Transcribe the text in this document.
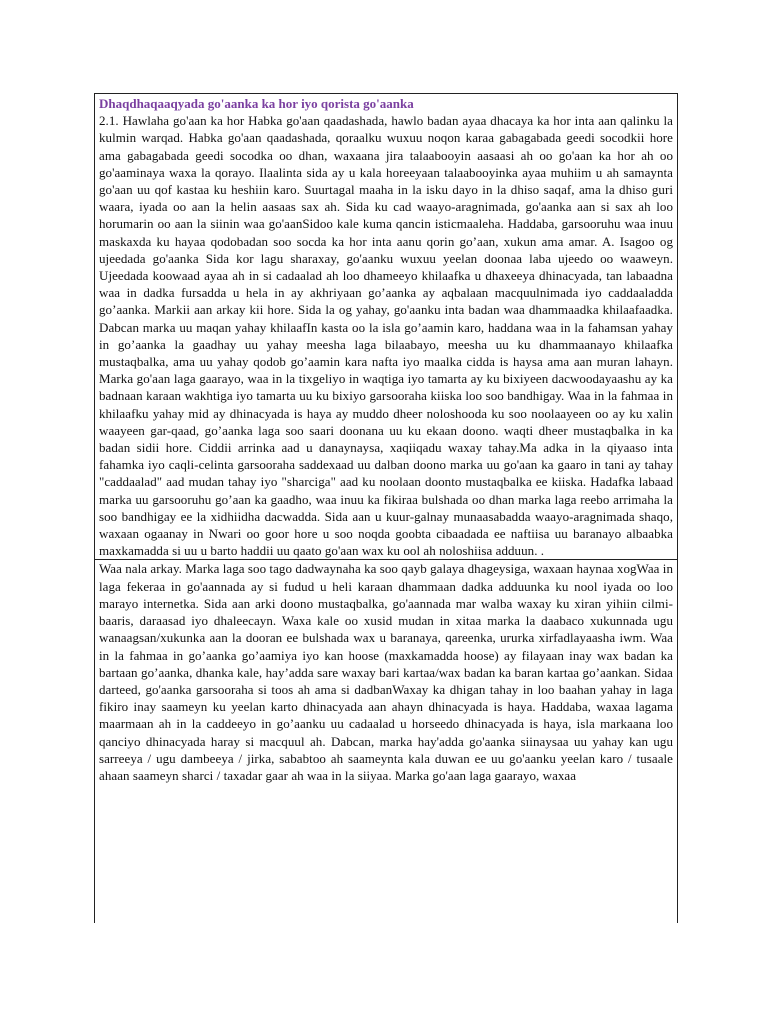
Dhaqdhaqaaqyada go'aanka ka hor iyo qorista go'aanka

2.1. Hawlaha go'aan ka hor Habka go'aan qaadashada, hawlo badan ayaa dhacaya ka hor inta aan qalinku la kulmin warqad. Habka go'aan qaadashada, qoraalku wuxuu noqon karaa gabagabada geedi socodkii hore ama gabagabada geedi socodka oo dhan, waxaana jira talaabooyin aasaasi ah oo go'aan ka hor ah oo go'aaminaya waxa la qorayo. Ilaalinta sida ay u kala horeeyaan talaabooyinka ayaa muhiim u ah samaynta go'aan uu qof kastaa ku heshiin karo. Suurtagal maaha in la isku dayo in la dhiso saqaf, ama la dhiso guri waara, iyada oo aan la helin aasaas sax ah. Sida ku cad waayo-aragnimada, go'aanka aan si sax ah loo horumarin oo aan la siinin waa go'aanSidoo kale kuma qancin isticmaaleha. Haddaba, garsooruhu waa inuu maskaxda ku hayaa qodobadan soo socda ka hor inta aanu qorin go’aan, xukun ama amar. A. Isagoo og ujeedada go'aanka Sida kor lagu sharaxay, go'aanku wuxuu yeelan doonaa laba ujeedo oo waaweyn. Ujeedada koowaad ayaa ah in si cadaalad ah loo dhameeyo khilaafka u dhaxeeya dhinacyada, tan labaadna waa in dadka fursadda u hela in ay akhriyaan go’aanka ay aqbalaan macquulnimada iyo caddaaladda go’aanka. Markii aan arkay kii hore. Sida la og yahay, go'aanku inta badan waa dhammaadka khilaafaadka. Dabcan marka uu maqan yahay khilaafIn kasta oo la isla go’aamin karo, haddana waa in la fahamsan yahay in go’aanka la gaadhay uu yahay meesha laga bilaabayo, meesha uu ku dhammaanayo khilaafka mustaqbalka, ama uu yahay qodob go’aamin kara nafta iyo maalka cidda is haysa ama aan muran lahayn. Marka go'aan laga gaarayo, waa in la tixgeliyo in waqtiga iyo tamarta ay ku bixiyeen dacwoodayaashu ay ka badnaan karaan wakhtiga iyo tamarta uu ku bixiyo garsooraha kiiska loo soo bandhigay. Waa in la fahmaa in khilaafku yahay mid ay dhinacyada is haya ay muddo dheer noloshooda ku soo noolaayeen oo ay ku xalin waayeen gar-qaad, go’aanka laga soo saari doonana uu ku ekaan doono. waqti dheer mustaqbalka in ka badan sidii hore. Ciddii arrinka aad u danaynaysa, xaqiiqadu waxay tahay.Ma adka in la qiyaaso inta fahamka iyo caqli-celinta garsooraha saddexaad uu dalban doono marka uu go'aan ka gaaro in tani ay tahay "caddaalad" aad mudan tahay iyo "sharciga" aad ku noolaan doonto mustaqbalka ee kiiska. Hadafka labaad marka uu garsooruhu go’aan ka gaadho, waa inuu ka fikiraa bulshada oo dhan marka laga reebo arrimaha la soo bandhigay ee la xidhiidha dacwadda. Sida aan u kuur-galnay munaasabadda waayo-aragnimada shaqo, waxaan ogaanay in Nwari oo goor hore u soo noqda goobta cibaadada ee naftiisa uu baranayo albaabka maxkamadda si uu u barto haddii uu qaato go'aan wax ku ool ah noloshiisa adduun. .

Waa nala arkay. Marka laga soo tago dadwaynaha ka soo qayb galaya dhageysiga, waxaan haynaa xogWaa in laga fekeraa in go'aannada ay si fudud u heli karaan dhammaan dadka adduunka ku nool iyada oo loo marayo internetka. Sida aan arki doono mustaqbalka, go'aannada mar walba waxay ku xiran yihiin cilmi-baaris, daraasad iyo dhaleecayn. Waxa kale oo xusid mudan in xitaa marka la daabaco xukunnada ugu wanaagsan/xukunka aan la dooran ee bulshada wax u baranaya, qareenka, ururka xirfadlayaasha iwm. Waa in la fahmaa in go’aanka go’aamiya iyo kan hoose (maxkamadda hoose) ay filayaan inay wax badan ka bartaan go’aanka, dhanka kale, hay’adda sare waxay bari kartaa/wax badan ka baran kartaa go’aankan. Sidaa darteed, go'aanka garsooraha si toos ah ama si dadbanWaxay ka dhigan tahay in loo baahan yahay in laga fikiro inay saameyn ku yeelan karto dhinacyada aan ahayn dhinacyada is haya. Haddaba, waxaa lagama maarmaan ah in la caddeeyo in go’aanku uu cadaalad u horseedo dhinacyada is haya, isla markaana loo qanciyo dhinacyada haray si macquul ah. Dabcan, marka hay'adda go'aanka siinaysaa uu yahay kan ugu sarreeya / ugu dambeeya / jirka, sababtoo ah saameynta kala duwan ee uu go'aanku yeelan karo / tusaale ahaan saameyn sharci / taxadar gaar ah waa in la siiyaa. Marka go'aan laga gaarayo, waxaa
